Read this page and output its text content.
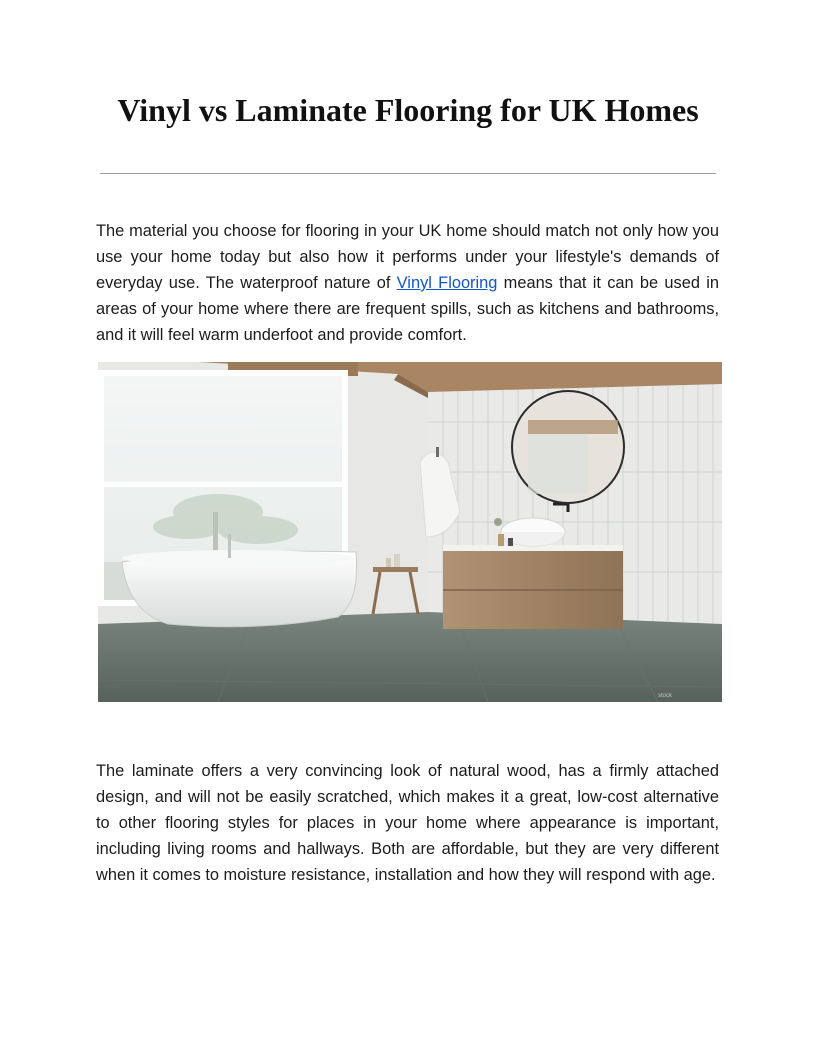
Vinyl vs Laminate Flooring for UK Homes

The material you choose for flooring in your UK home should match not only how you use your home today but also how it performs under your lifestyle's demands of everyday use. The waterproof nature of Vinyl Flooring means that it can be used in areas of your home where there are frequent spills, such as kitchens and bathrooms, and it will feel warm underfoot and provide comfort.

stock

The laminate offers a very convincing look of natural wood, has a firmly attached design, and will not be easily scratched, which makes it a great, low-cost alternative to other flooring styles for places in your home where appearance is important, including living rooms and hallways. Both are affordable, but they are very different when it comes to moisture resistance, installation and how they will respond with age.
